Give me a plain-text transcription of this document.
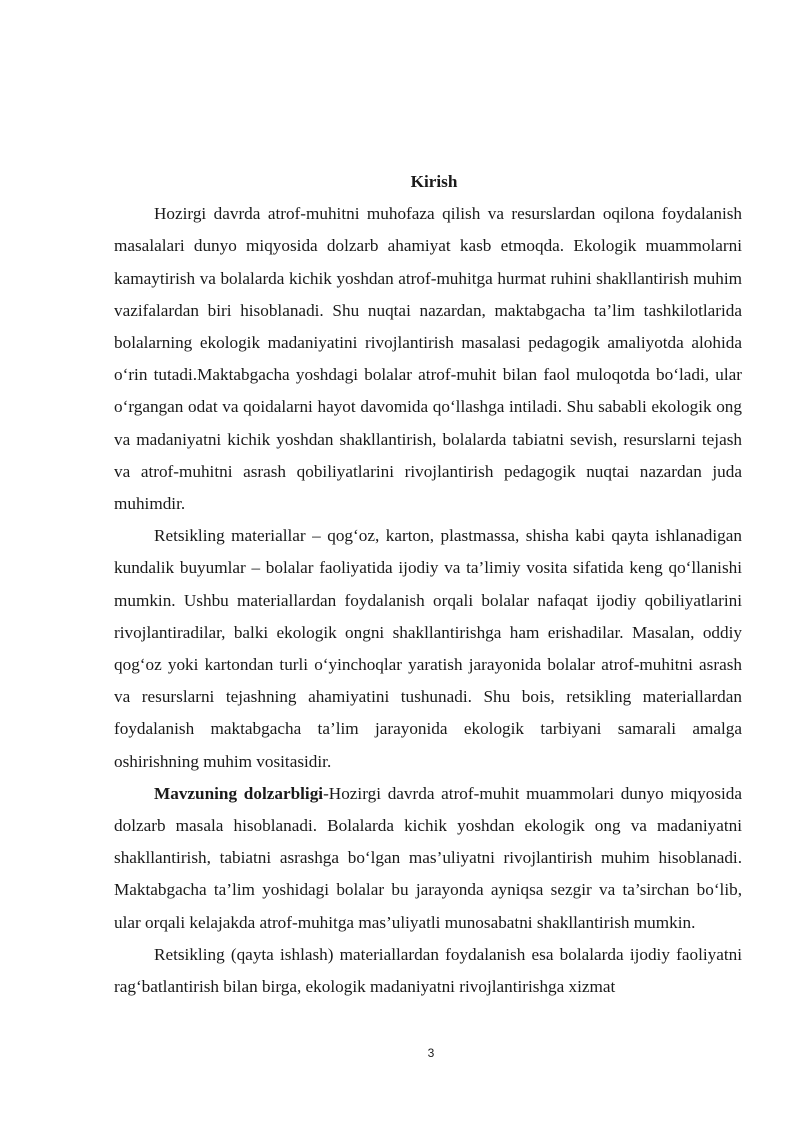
Kirish

Hozirgi davrda atrof-muhitni muhofaza qilish va resurslardan oqilona foydalanish masalalari dunyo miqyosida dolzarb ahamiyat kasb etmoqda. Ekologik muammolarni kamaytirish va bolalarda kichik yoshdan atrof-muhitga hurmat ruhini shakllantirish muhim vazifalardan biri hisoblanadi. Shu nuqtai nazardan, maktabgacha ta’lim tashkilotlarida bolalarning ekologik madaniyatini rivojlantirish masalasi pedagogik amaliyotda alohida o‘rin tutadi.Maktabgacha yoshdagi bolalar atrof-muhit bilan faol muloqotda bo‘ladi, ular o‘rgangan odat va qoidalarni hayot davomida qo‘llashga intiladi. Shu sababli ekologik ong va madaniyatni kichik yoshdan shakllantirish, bolalarda tabiatni sevish, resurslarni tejash va atrof-muhitni asrash qobiliyatlarini rivojlantirish pedagogik nuqtai nazardan juda muhimdir.

Retsikling materiallar – qog‘oz, karton, plastmassa, shisha kabi qayta ishlanadigan kundalik buyumlar – bolalar faoliyatida ijodiy va ta’limiy vosita sifatida keng qo‘llanishi mumkin. Ushbu materiallardan foydalanish orqali bolalar nafaqat ijodiy qobiliyatlarini rivojlantiradilar, balki ekologik ongni shakllantirishga ham erishadilar. Masalan, oddiy qog‘oz yoki kartondan turli o‘yinchoqlar yaratish jarayonida bolalar atrof-muhitni asrash va resurslarni tejashning ahamiyatini tushunadi. Shu bois, retsikling materiallardan foydalanish maktabgacha ta’lim jarayonida ekologik tarbiyani samarali amalga oshirishning muhim vositasidir.

Mavzuning dolzarbligi-Hozirgi davrda atrof-muhit muammolari dunyo miqyosida dolzarb masala hisoblanadi. Bolalarda kichik yoshdan ekologik ong va madaniyatni shakllantirish, tabiatni asrashga bo‘lgan mas’uliyatni rivojlantirish muhim hisoblanadi. Maktabgacha ta’lim yoshidagi bolalar bu jarayonda ayniqsa sezgir va ta’sirchan bo‘lib, ular orqali kelajakda atrof-muhitga mas’uliyatli munosabatni shakllantirish mumkin.

Retsikling (qayta ishlash) materiallardan foydalanish esa bolalarda ijodiy faoliyatni rag‘batlantirish bilan birga, ekologik madaniyatni rivojlantirishga xizmat

3
